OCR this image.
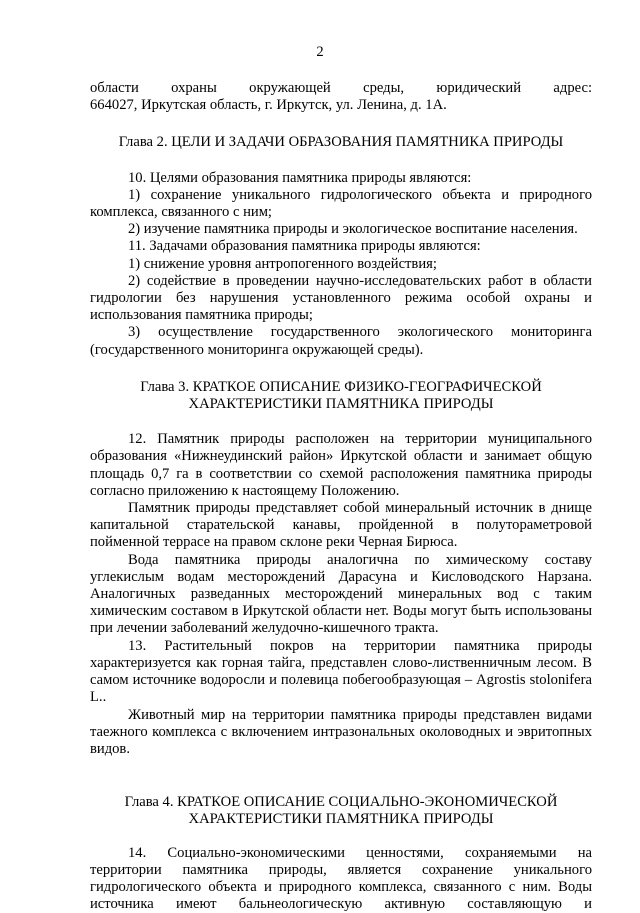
2

области охраны окружающей среды, юридический адрес:

664027, Иркутская область, г. Иркутск, ул. Ленина, д. 1А.

Глава 2. ЦЕЛИ И ЗАДАЧИ ОБРАЗОВАНИЯ ПАМЯТНИКА ПРИРОДЫ

10. Целями образования памятника природы являются:

1) сохранение уникального гидрологического объекта и природного комплекса, связанного с ним;

2) изучение памятника природы и экологическое воспитание населения.

11. Задачами образования памятника природы являются:

1) снижение уровня антропогенного воздействия;

2) содействие в проведении научно-исследовательских работ в области гидрологии без нарушения установленного режима особой охраны и использования памятника природы;

3) осуществление государственного экологического мониторинга (государственного мониторинга окружающей среды).

Глава 3. КРАТКОЕ ОПИСАНИЕ ФИЗИКО-ГЕОГРАФИЧЕСКОЙ

ХАРАКТЕРИСТИКИ ПАМЯТНИКА ПРИРОДЫ

12. Памятник природы расположен на территории муниципального образования «Нижнеудинский район» Иркутской области и занимает общую площадь 0,7 га в соответствии со схемой расположения памятника природы согласно приложению к настоящему Положению.

Памятник природы представляет собой минеральный источник в днище капитальной старательской канавы, пройденной в полутораметровой пойменной террасе на правом склоне реки Черная Бирюса.

Вода памятника природы аналогична по химическому составу углекислым водам месторождений Дарасуна и Кисловодского Нарзана. Аналогичных разведанных месторождений минеральных вод с таким химическим составом в Иркутской области нет. Воды могут быть использованы при лечении заболеваний желудочно-кишечного тракта.

13. Растительный покров на территории памятника природы характеризуется как горная тайга, представлен слово-лиственничным лесом. В самом источнике водоросли и полевица побегообразующая – Agrostis stolonifera L..

Животный мир на территории памятника природы представлен видами таежного комплекса с включением интразональных околоводных и эвритопных видов.

Глава 4. КРАТКОЕ ОПИСАНИЕ СОЦИАЛЬНО-ЭКОНОМИЧЕСКОЙ

ХАРАКТЕРИСТИКИ ПАМЯТНИКА ПРИРОДЫ

14. Социально-экономическими ценностями, сохраняемыми на территории памятника природы, является сохранение уникального гидрологического объекта и природного комплекса, связанного с ним. Воды источника имеют бальнеологическую активную составляющую и
